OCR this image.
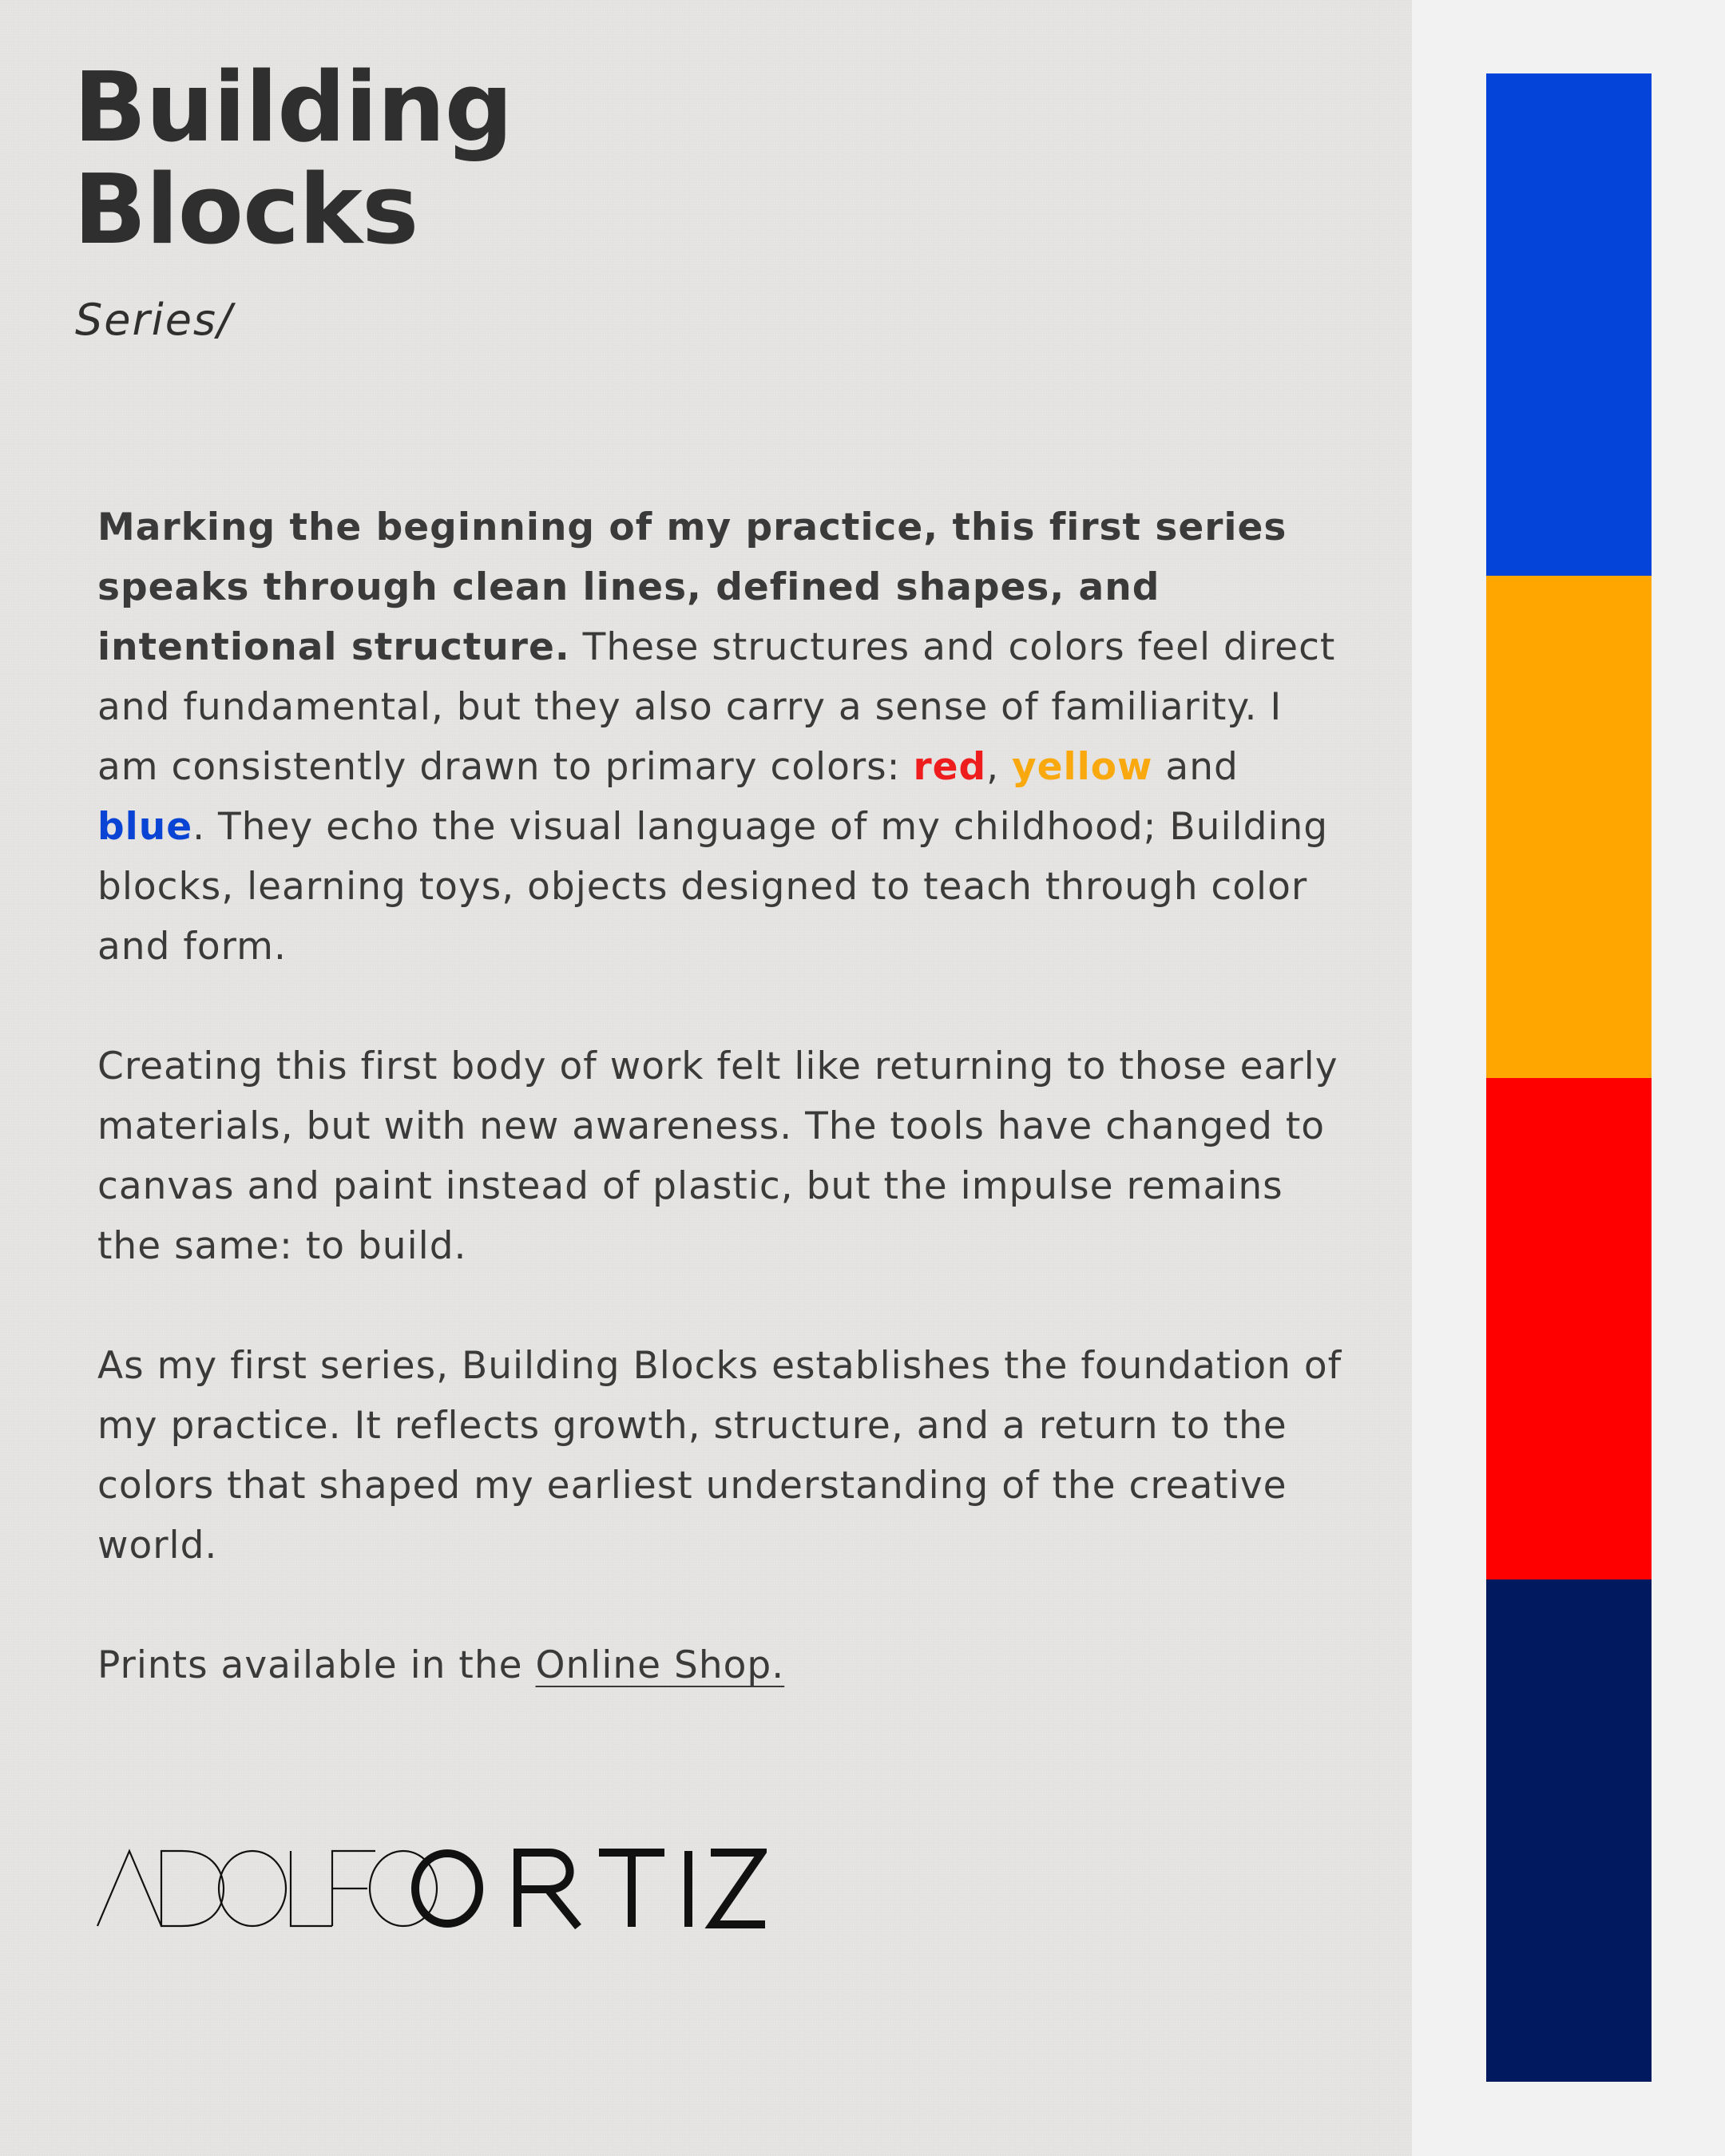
Building
Blocks
Series/

Marking the beginning of my practice, this first series speaks through clean lines, defined shapes, and intentional structure. These structures and colors feel direct and fundamental, but they also carry a sense of familiarity. I am consistently drawn to primary colors: red, yellow and blue. They echo the visual language of my childhood; Building blocks, learning toys, objects designed to teach through color and form.

Creating this first body of work felt like returning to those early materials, but with new awareness. The tools have changed to canvas and paint instead of plastic, but the impulse remains the same: to build.

As my first series, Building Blocks establishes the foundation of my practice. It reflects growth, structure, and a return to the colors that shaped my earliest understanding of the creative world.

Prints available in the Online Shop.
